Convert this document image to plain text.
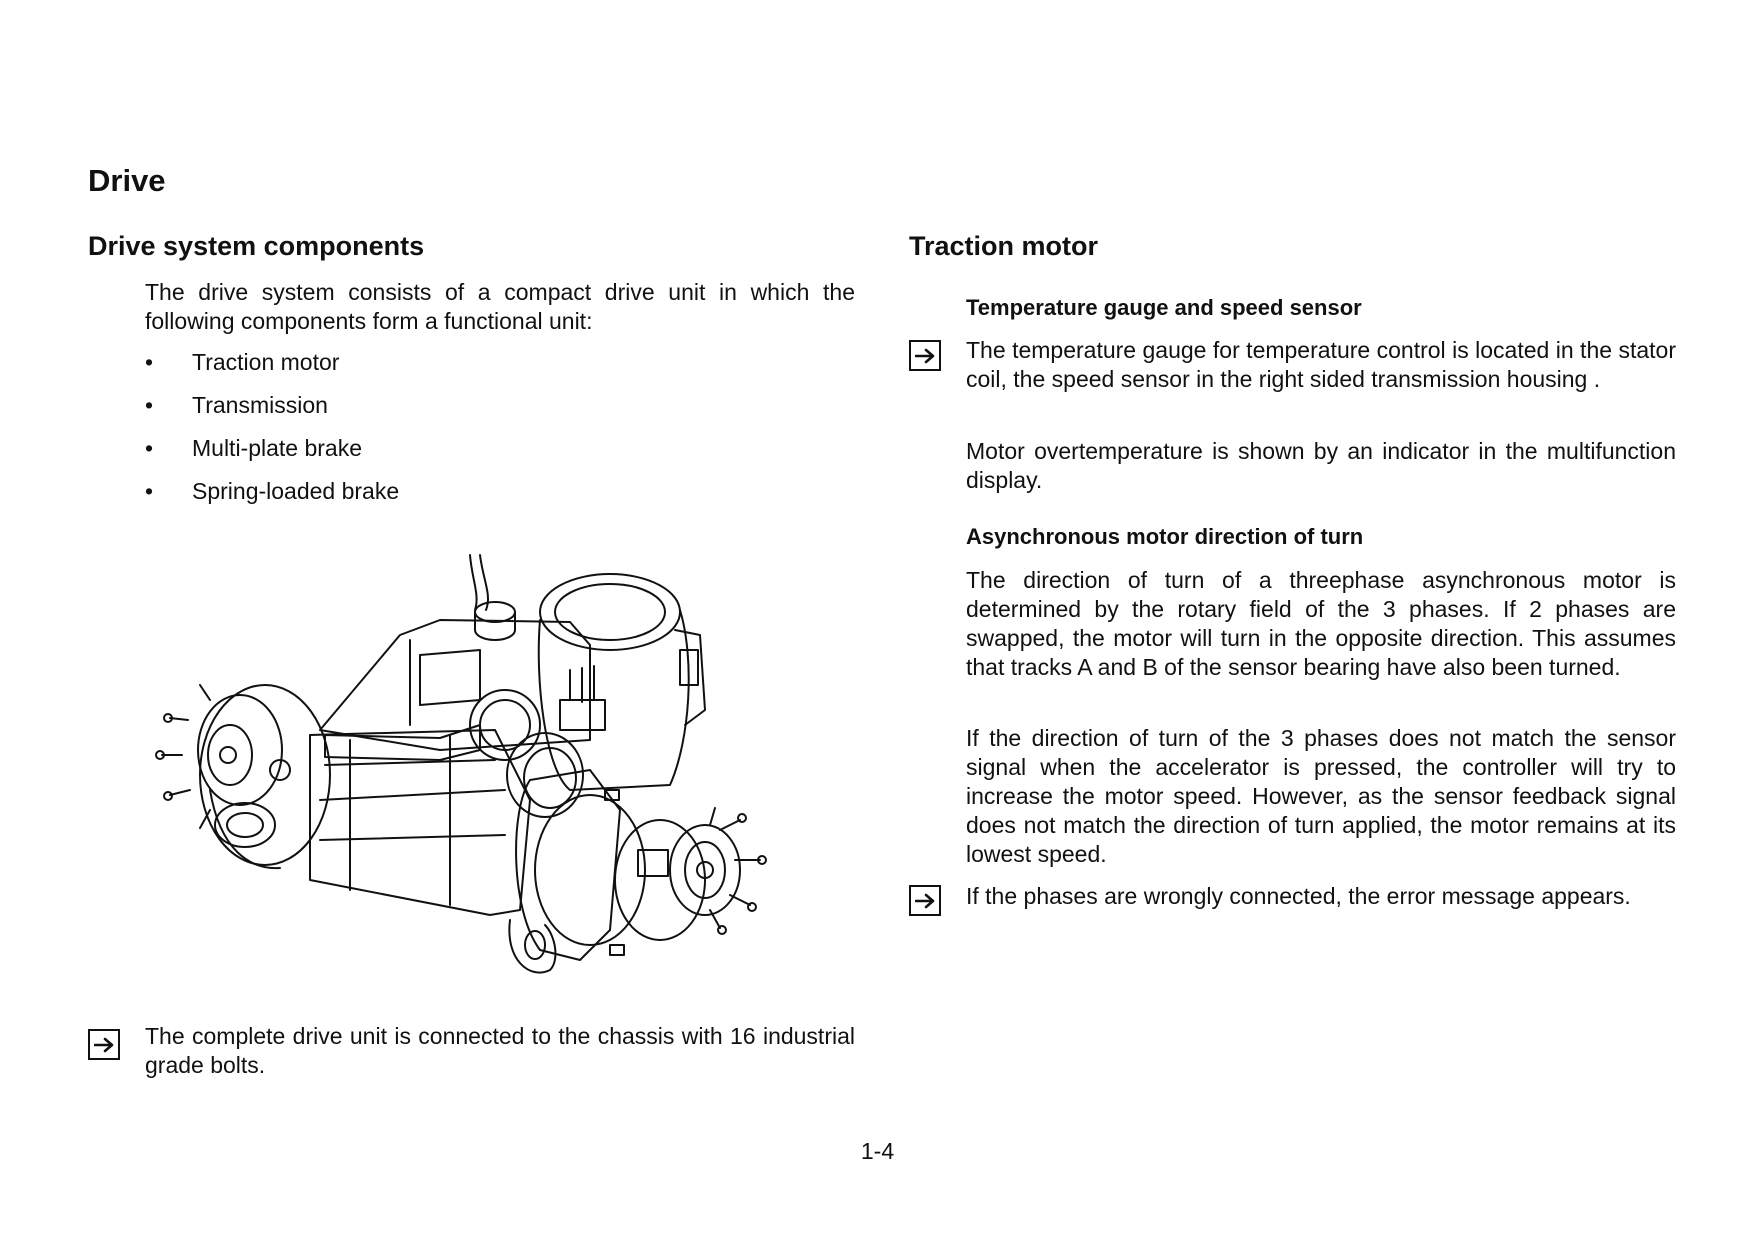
Drive
Drive system components

The drive system consists of a compact drive unit in which the following components form a functional unit:

• Traction motor
• Transmission
• Multi-plate brake
• Spring-loaded brake

The complete drive unit is connected to the chassis with 16 industrial grade bolts.

Traction motor
Temperature gauge and speed sensor

The temperature gauge for temperature control is located in the stator coil, the speed sensor in the right sided transmission housing .

Motor overtemperature is shown by an indicator in the multifunction display.

Asynchronous motor direction of turn

The direction of turn of a threephase asynchronous motor is determined by the rotary field of the 3 phases. If 2 phases are swapped, the motor will turn in the opposite direction. This assumes that tracks A and B of the sensor bearing have also been turned.

If the direction of turn of the 3 phases does not match the sensor signal when the accelerator is pressed, the controller will try to increase the motor speed. However, as the sensor feedback signal does not match the direction of turn applied, the motor remains at its lowest speed.

If the phases are wrongly connected, the error message appears.

1-4
